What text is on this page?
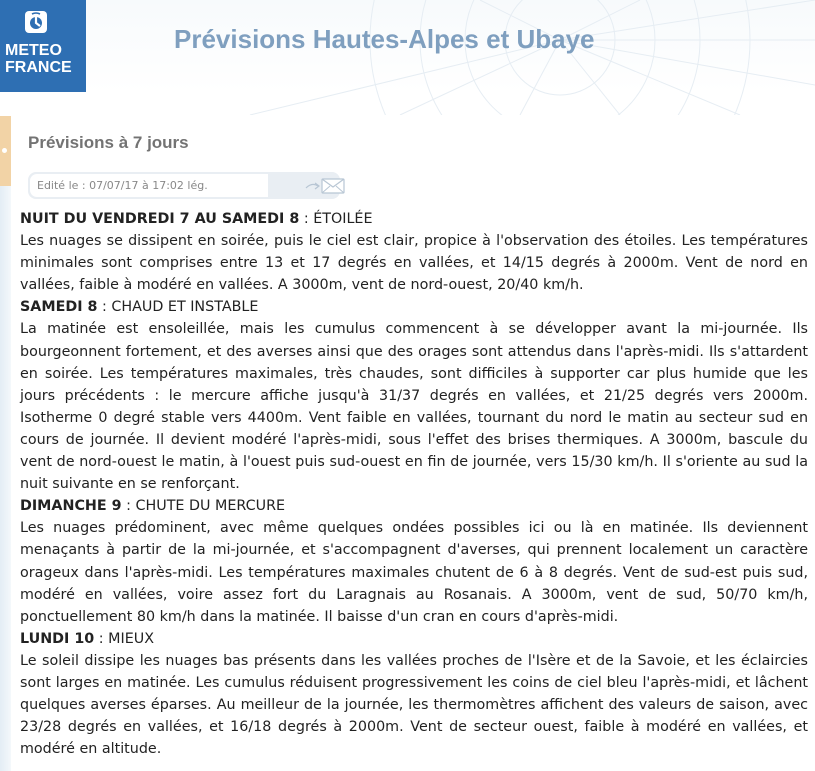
METEO
FRANCE
Prévisions Hautes-Alpes et Ubaye
Prévisions à 7 jours
Edité le : 07/07/17 à 17:02 lég.
NUIT DU VENDREDI 7 AU SAMEDI 8 : ÉTOILÉE

Les nuages se dissipent en soirée, puis le ciel est clair, propice à l'observation des étoiles. Les températures minimales sont comprises entre 13 et 17 degrés en vallées, et 14/15 degrés à 2000m. Vent de nord en vallées, faible à modéré en vallées. A 3000m, vent de nord-ouest, 20/40 km/h.

SAMEDI 8 : CHAUD ET INSTABLE

La matinée est ensoleillée, mais les cumulus commencent à se développer avant la mi-journée. Ils bourgeonnent fortement, et des averses ainsi que des orages sont attendus dans l'après-midi. Ils s'attardent en soirée. Les températures maximales, très chaudes, sont difficiles à supporter car plus humide que les jours précédents : le mercure affiche jusqu'à 31/37 degrés en vallées, et 21/25 degrés vers 2000m. Isotherme 0 degré stable vers 4400m. Vent faible en vallées, tournant du nord le matin au secteur sud en cours de journée. Il devient modéré l'après-midi, sous l'effet des brises thermiques. A 3000m, bascule du vent de nord-ouest le matin, à l'ouest puis sud-ouest en fin de journée, vers 15/30 km/h. Il s'oriente au sud la nuit suivante en se renforçant.

DIMANCHE 9 : CHUTE DU MERCURE

Les nuages prédominent, avec même quelques ondées possibles ici ou là en matinée. Ils deviennent menaçants à partir de la mi-journée, et s'accompagnent d'averses, qui prennent localement un caractère orageux dans l'après-midi. Les températures maximales chutent de 6 à 8 degrés. Vent de sud-est puis sud, modéré en vallées, voire assez fort du Laragnais au Rosanais. A 3000m, vent de sud, 50/70 km/h, ponctuellement 80 km/h dans la matinée. Il baisse d'un cran en cours d'après-midi.

LUNDI 10 : MIEUX

Le soleil dissipe les nuages bas présents dans les vallées proches de l'Isère et de la Savoie, et les éclaircies sont larges en matinée. Les cumulus réduisent progressivement les coins de ciel bleu l'après-midi, et lâchent quelques averses éparses. Au meilleur de la journée, les thermomètres affichent des valeurs de saison, avec 23/28 degrés en vallées, et 16/18 degrés à 2000m. Vent de secteur ouest, faible à modéré en vallées, et modéré en altitude.
